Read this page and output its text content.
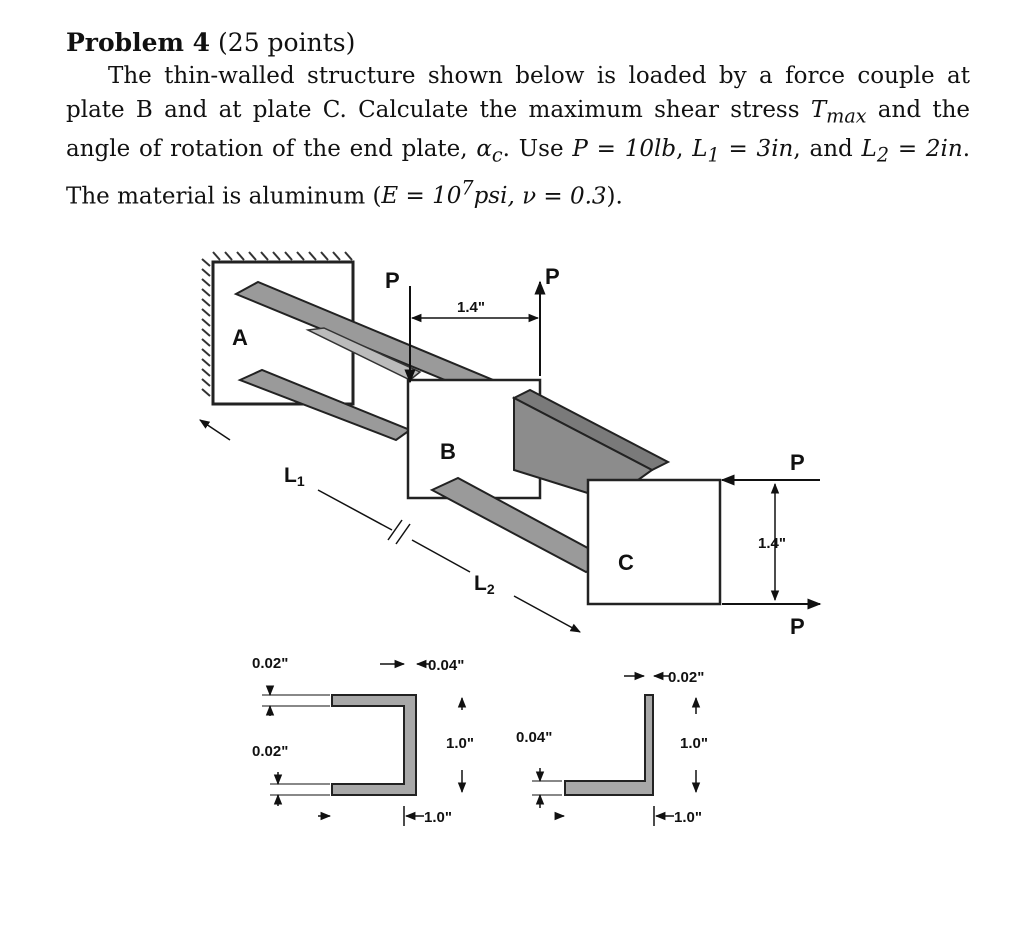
Problem 4 (25 points)

The thin-walled structure shown below is loaded by a force couple at plate B and at plate C. Calculate the maximum shear stress $T_{max}$ and the angle of rotation of the end plate, $\alpha_c$. Use P = 10lb, $L_1 = 3in$, and $L_2 = 2in$. The material is aluminum ($E = 10^7psi$, ν = 0.3).

A
B
C
P	P
1.4"
P
P
1.4"
L1
L2
0.02"
0.02"
0.04"
1.0"
1.0"
0.02"
0.04"	1.0"
1.0"
